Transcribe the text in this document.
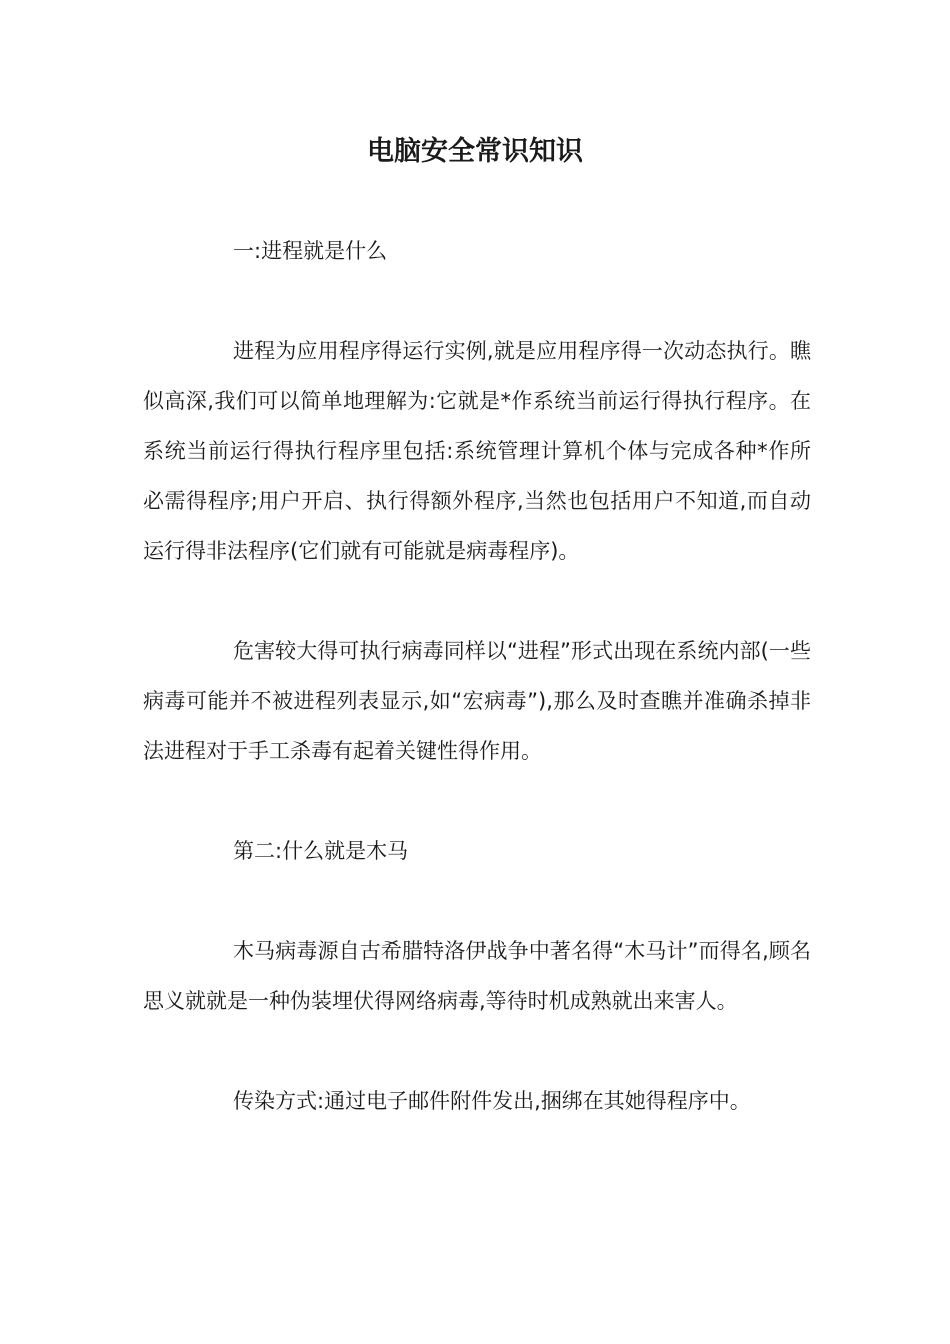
电脑安全常识知识

一:进程就是什么

进程为应用程序得运行实例,就是应用程序得一次动态执行。瞧似高深,我们可以简单地理解为:它就是*作系统当前运行得执行程序。在系统当前运行得执行程序里包括:系统管理计算机个体与完成各种*作所必需得程序;用户开启、执行得额外程序,当然也包括用户不知道,而自动运行得非法程序(它们就有可能就是病毒程序)。

危害较大得可执行病毒同样以“进程”形式出现在系统内部(一些病毒可能并不被进程列表显示,如“宏病毒”),那么及时查瞧并准确杀掉非法进程对于手工杀毒有起着关键性得作用。

第二:什么就是木马

木马病毒源自古希腊特洛伊战争中著名得“木马计”而得名,顾名思义就就是一种伪装埋伏得网络病毒,等待时机成熟就出来害人。

传染方式:通过电子邮件附件发出,捆绑在其她得程序中。
